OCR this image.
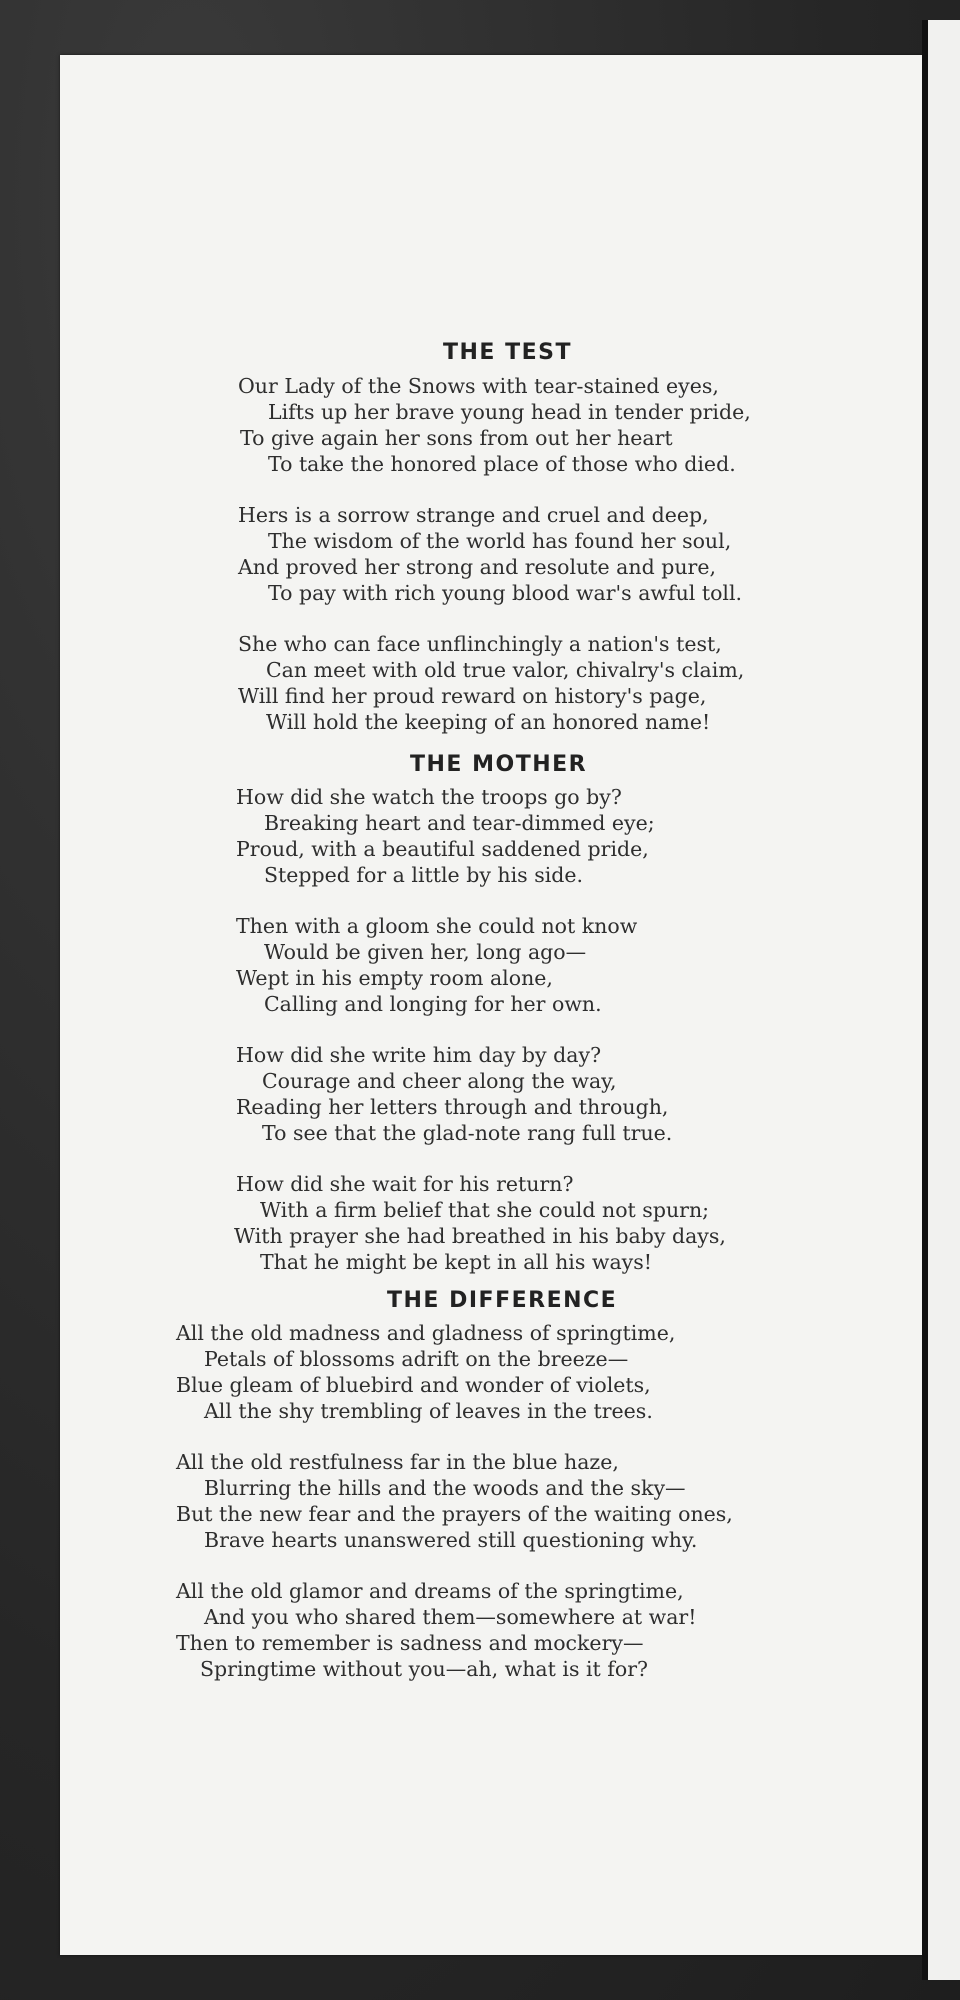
THE TEST
Our Lady of the Snows with tear-stained eyes,
Lifts up her brave young head in tender pride,
To give again her sons from out her heart
To take the honored place of those who died.
Hers is a sorrow strange and cruel and deep,
The wisdom of the world has found her soul,
And proved her strong and resolute and pure,
To pay with rich young blood war's awful toll.
She who can face unflinchingly a nation's test,
Can meet with old true valor, chivalry's claim,
Will find her proud reward on history's page,
Will hold the keeping of an honored name!
THE MOTHER
How did she watch the troops go by?
Breaking heart and tear-dimmed eye;
Proud, with a beautiful saddened pride,
Stepped for a little by his side.
Then with a gloom she could not know
Would be given her, long ago—
Wept in his empty room alone,
Calling and longing for her own.
How did she write him day by day?
Courage and cheer along the way,
Reading her letters through and through,
To see that the glad-note rang full true.
How did she wait for his return?
With a firm belief that she could not spurn;
With prayer she had breathed in his baby days,
That he might be kept in all his ways!
THE DIFFERENCE
All the old madness and gladness of springtime,
Petals of blossoms adrift on the breeze—
Blue gleam of bluebird and wonder of violets,
All the shy trembling of leaves in the trees.
All the old restfulness far in the blue haze,
Blurring the hills and the woods and the sky—
But the new fear and the prayers of the waiting ones,
Brave hearts unanswered still questioning why.
All the old glamor and dreams of the springtime,
And you who shared them—somewhere at war!
Then to remember is sadness and mockery—
Springtime without you—ah, what is it for?
